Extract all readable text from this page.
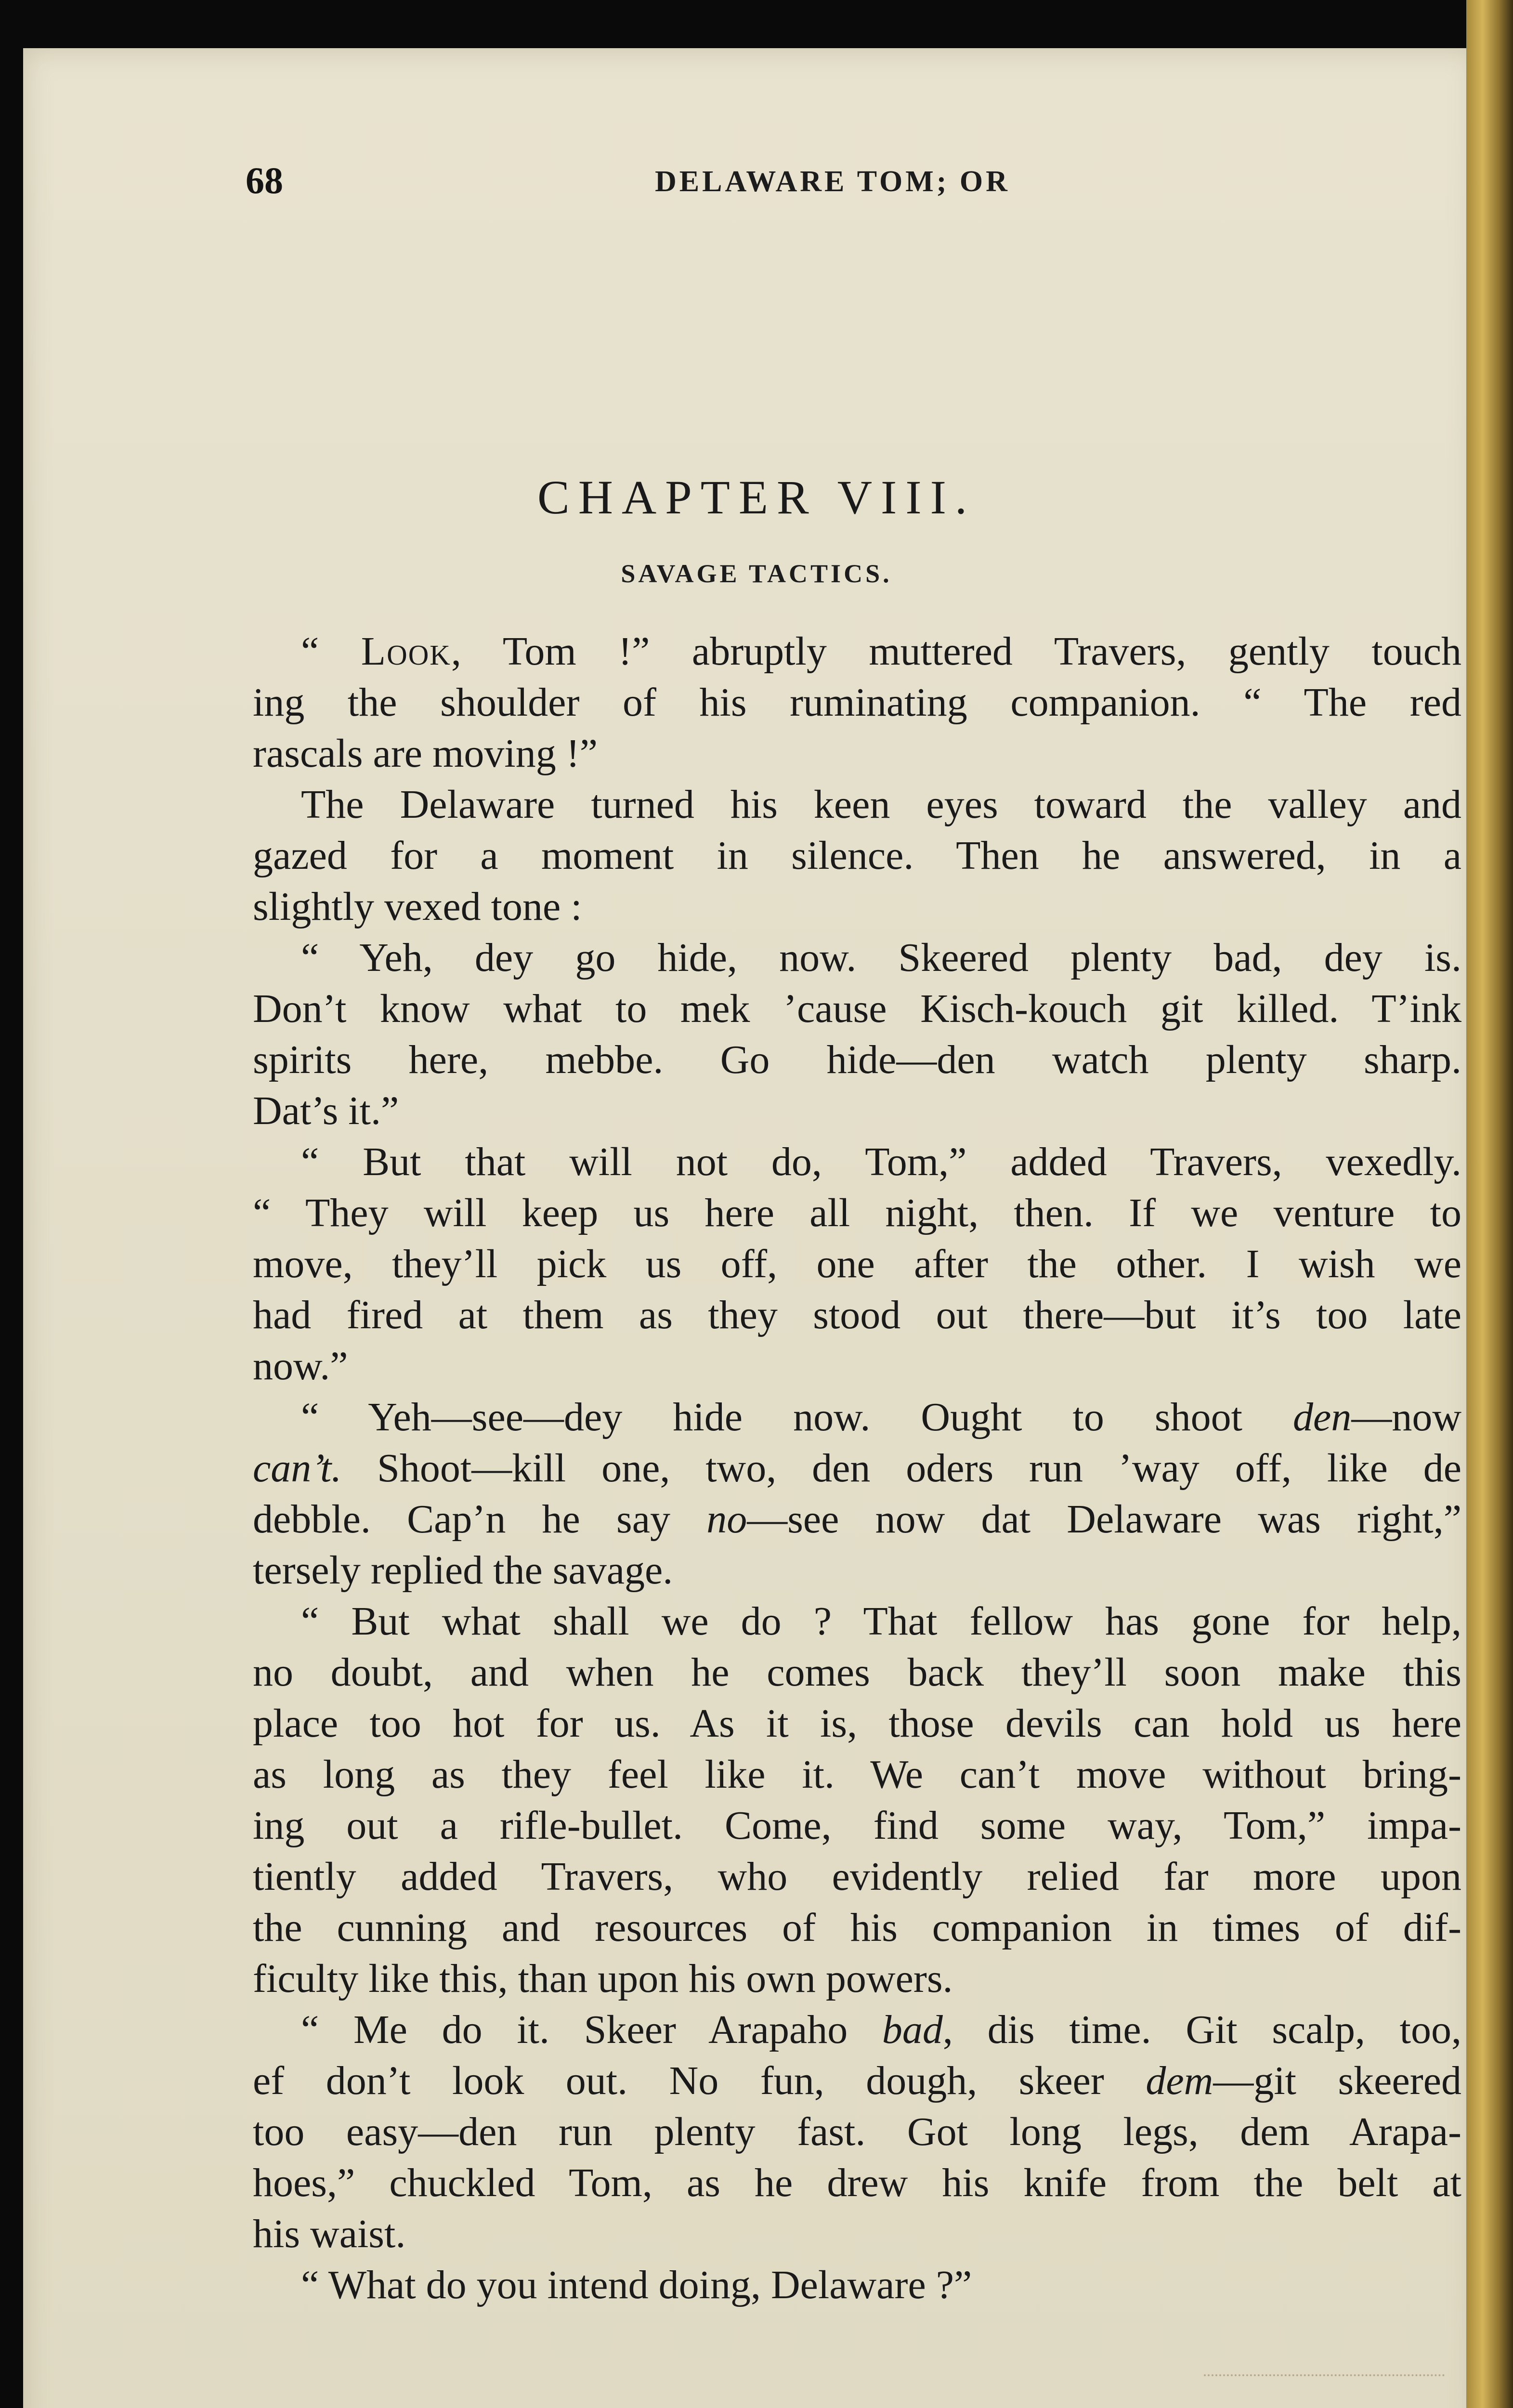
68	DELAWARE TOM; OR
CHAPTER VIII.
SAVAGE TACTICS.
“ Look, Tom !” abruptly muttered Travers, gently touch
ing the shoulder of his ruminating companion. “ The red
rascals are moving !”
The Delaware turned his keen eyes toward the valley and
gazed for a moment in silence. Then he answered, in a
slightly vexed tone :
“ Yeh, dey go hide, now. Skeered plenty bad, dey is.
Don’t know what to mek ’cause Kisch-kouch git killed. T’ink
spirits here, mebbe. Go hide—den watch plenty sharp.
Dat’s it.”
“ But that will not do, Tom,” added Travers, vexedly.
“ They will keep us here all night, then. If we venture to
move, they’ll pick us off, one after the other. I wish we
had fired at them as they stood out there—but it’s too late
now.”
“ Yeh—see—dey hide now. Ought to shoot den—now
can’t. Shoot—kill one, two, den oders run ’way off, like de
debble. Cap’n he say no—see now dat Delaware was right,”
tersely replied the savage.
“ But what shall we do ? That fellow has gone for help,
no doubt, and when he comes back they’ll soon make this
place too hot for us. As it is, those devils can hold us here
as long as they feel like it. We can’t move without bring-
ing out a rifle-bullet. Come, find some way, Tom,” impa-
tiently added Travers, who evidently relied far more upon
the cunning and resources of his companion in times of dif-
ficulty like this, than upon his own powers.
“ Me do it. Skeer Arapaho bad, dis time. Git scalp, too,
ef don’t look out. No fun, dough, skeer dem—git skeered
too easy—den run plenty fast. Got long legs, dem Arapa-
hoes,” chuckled Tom, as he drew his knife from the belt at
his waist.
“ What do you intend doing, Delaware ?”
